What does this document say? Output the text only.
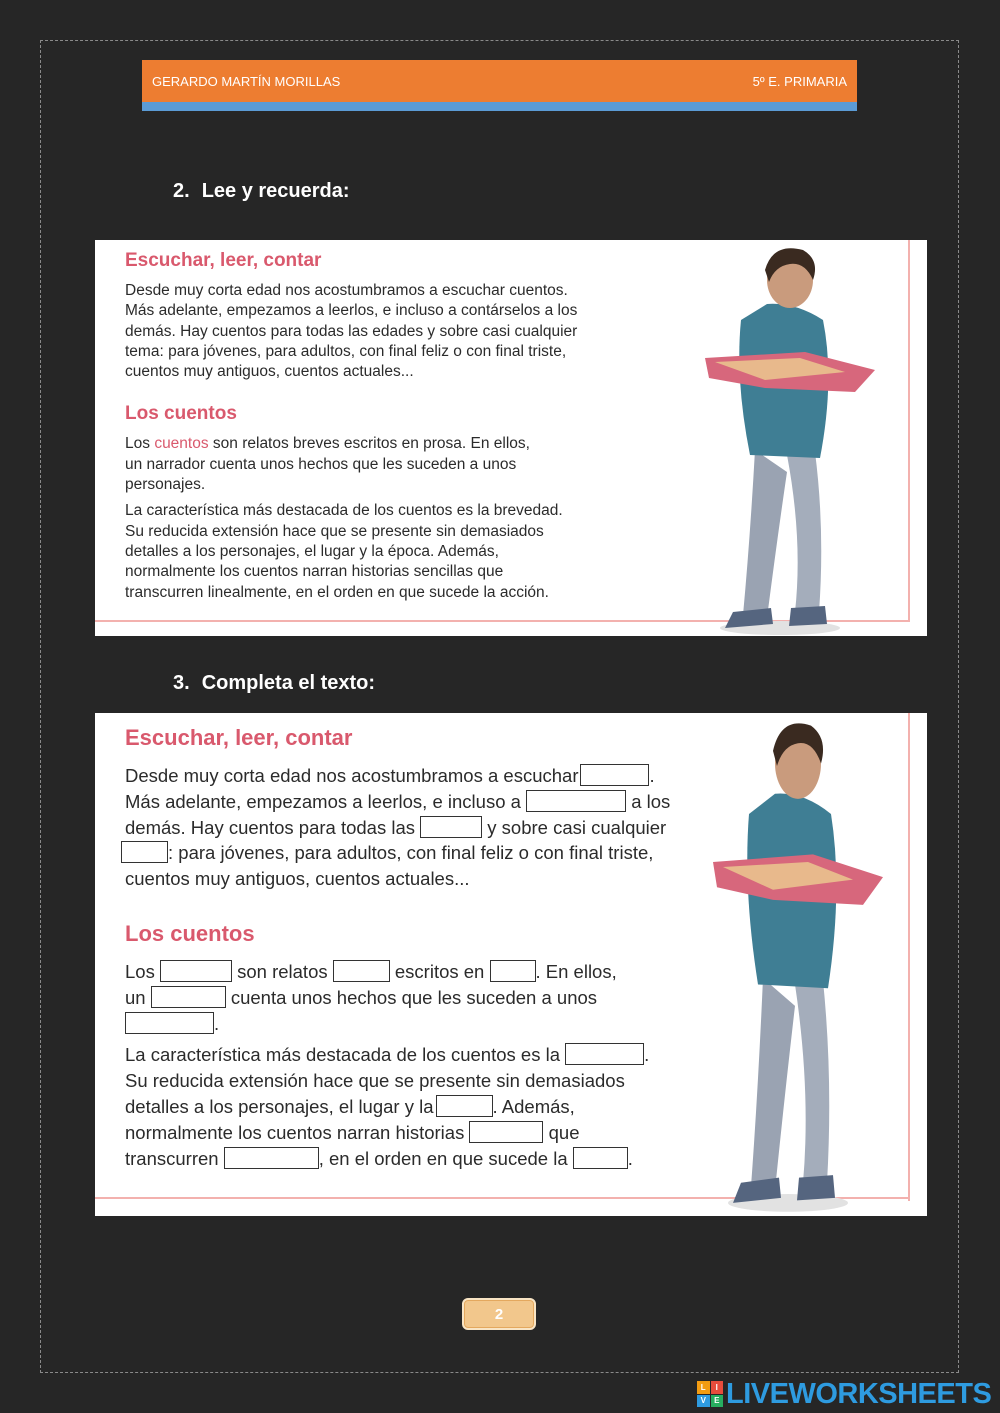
GERARDO MARTÍN MORILLAS	5º E. PRIMARIA
2. Lee y recuerda:
Escuchar, leer, contar

Desde muy corta edad nos acostumbramos a escuchar cuentos.

Más adelante, empezamos a leerlos, e incluso a contárselos a los

demás. Hay cuentos para todas las edades y sobre casi cualquier

tema: para jóvenes, para adultos, con final feliz o con final triste,

cuentos muy antiguos, cuentos actuales...

Los cuentos

Los cuentos son relatos breves escritos en prosa. En ellos,

un narrador cuenta unos hechos que les suceden a unos

personajes.

La característica más destacada de los cuentos es la brevedad.

Su reducida extensión hace que se presente sin demasiados

detalles a los personajes, el lugar y la época. Además,

normalmente los cuentos narran historias sencillas que

transcurren linealmente, en el orden en que sucede la acción.

3. Completa el texto:
Escuchar, leer, contar

Desde muy corta edad nos acostumbramos a escuchar	.

Más adelante, empezamos a leerlos, e incluso a	a los

demás. Hay cuentos para todas las	y sobre casi cualquier

: para jóvenes, para adultos, con final feliz o con final triste,

cuentos muy antiguos, cuentos actuales...

Los cuentos

Los	son relatos	escritos en	. En ellos,

un	cuenta unos hechos que les suceden a unos

.

La característica más destacada de los cuentos es la	.

Su reducida extensión hace que se presente sin demasiados

detalles a los personajes, el lugar y la	. Además,

normalmente los cuentos narran historias	que

transcurren	, en el orden en que sucede la	.

2
L	I
V	E LIVEWORKSHEETS
